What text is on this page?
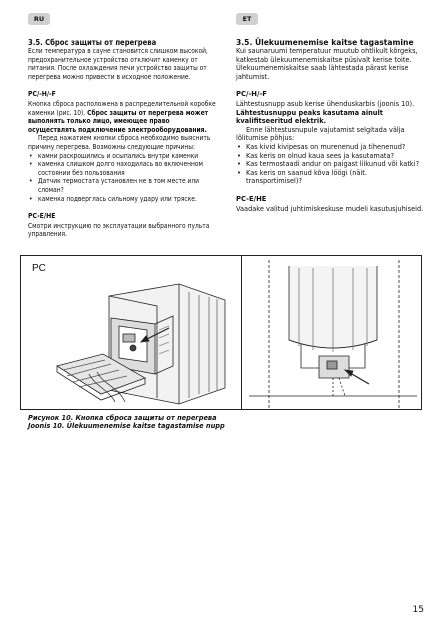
RU	ET
3.5. Сброс защиты от перегрева

Если температура в сауне становится слишком высокой, предохранительное устройство отключит каменку от питания. После охлаждения печи устройство защиты от перегрева можно привести в исходное положение.

PC/-H/-F

Кнопка сброса расположена в распределительной коробке каменки (рис. 10). Сброс защиты от перегрева может выполнять только лицо, имеющее право осуществлять подключение электрооборудования.

Перед нажатием кнопки сброса необходимо выяснить причину перегрева. Возможны следующие причины:

• камни раскрошились и осыпались внутри каменки
• каменка слишком долго находилась во включенном состоянии без пользования
• Датчик термостата установлен не в том месте или сломан?
• каменка подверглась сильному удару или тряске.
PC-E/HE

Смотри инструкцию по эксплуатации выбранного пульта управления.

3.5. Ülekuumenemise kaitse tagastamine

Kui saunaruumi temperatuur muutub ohtlikult kõrgeks, katkestab ülekuumenemiskaitse püsivalt kerise toite. Ülekuumenemiskaitse saab lähtestada pärast kerise jahtumist.

PC/-H/-F

Lähtestusnupp asub kerise ühenduskarbis (joonis 10). Lähtestusnuppu peaks kasutama ainult kvalifitseeritud elektrik.

Enne lähtestusnupule vajutamist selgitada välja lõlitumise põhjus:

• Kas kivid kivipesas on murenenud ja tihenenud?
• Kas keris on olnud kaua sees ja kasutamata?
• Kas termostaadi andur on paigast liikunud või katki?
• Kas keris on saanud kõva löögi (näit. transportimisel)?
PC-E/HE

Vaadake valitud juhtimiskeskuse mudeli kasutusjuhiseid.

PC
Рисунок 10. Кнопка сброса защиты от перегрева
Joonis 10. Ülekuumenemise kaitse tagastamise nupp
15
